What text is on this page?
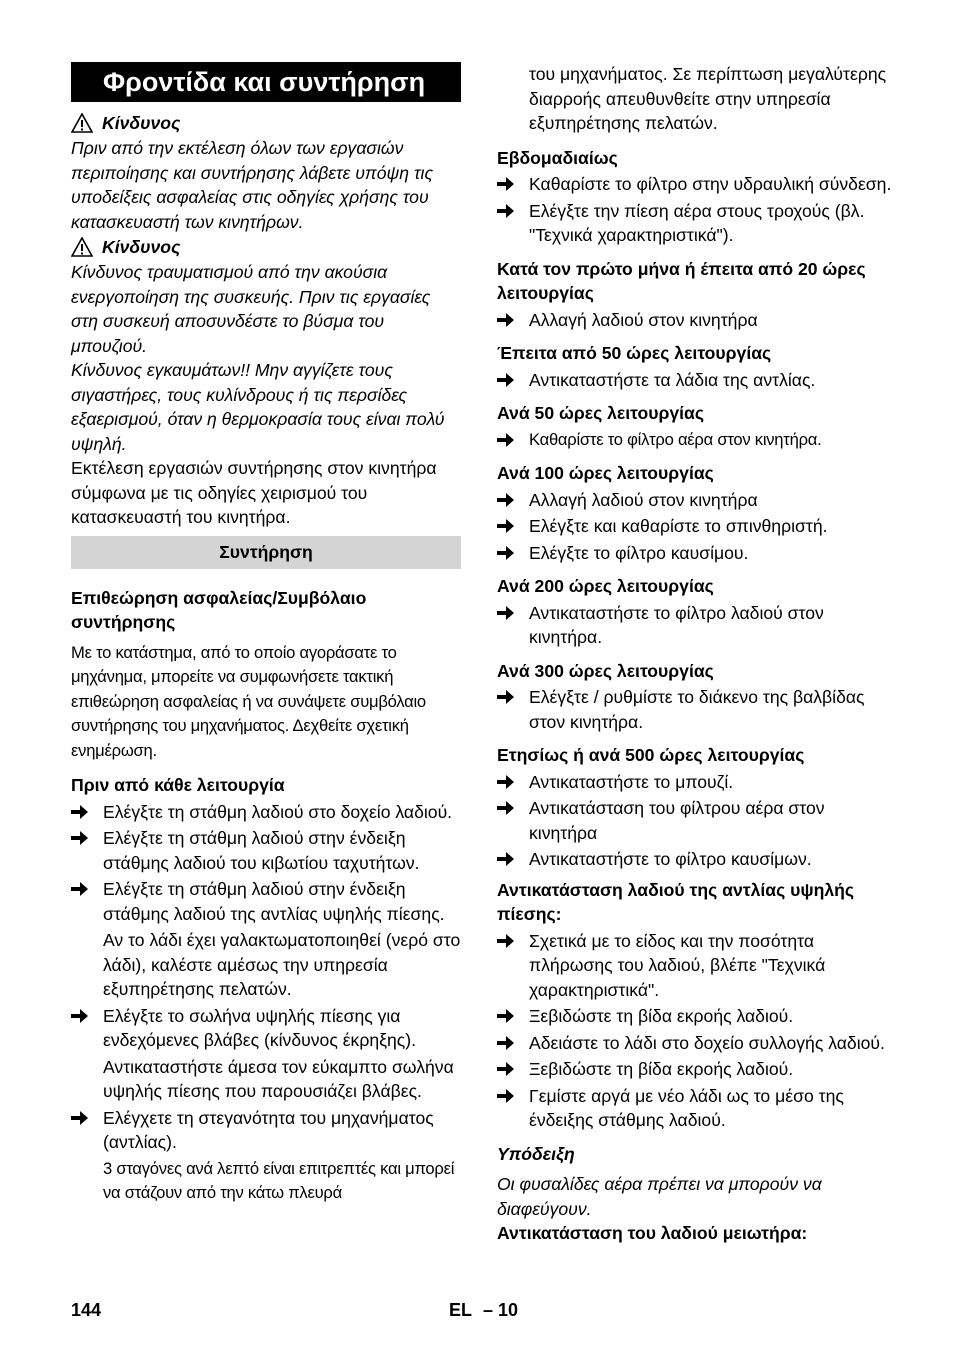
Φροντίδα και συντήρηση
Κίνδυνος

Πριν από την εκτέλεση όλων των εργασιών περιποίησης και συντήρησης λάβετε υπόψη τις υποδείξεις ασφαλείας στις οδηγίες χρήσης του κατασκευαστή των κινητήρων.

Κίνδυνος

Κίνδυνος τραυματισμού από την ακούσια ενεργοποίηση της συσκευής. Πριν τις εργασίες στη συσκευή αποσυνδέστε το βύσμα του μπουζιού.

Κίνδυνος εγκαυμάτων!! Μην αγγίζετε τους σιγαστήρες, τους κυλίνδρους ή τις περσίδες εξαερισμού, όταν η θερμοκρασία τους είναι πολύ υψηλή.

Εκτέλεση εργασιών συντήρησης στον κινητήρα σύμφωνα με τις οδηγίες χειρισμού του κατασκευαστή του κινητήρα.

Συντήρηση

Επιθεώρηση ασφαλείας/Συμβόλαιο συντήρησης

Με το κατάστημα, από το οποίο αγοράσατε το μηχάνημα, μπορείτε να συμφωνήσετε τακτική επιθεώρηση ασφαλείας ή να συνάψετε συμβόλαιο συντήρησης του μηχανήματος. Δεχθείτε σχετική ενημέρωση.

Πριν από κάθε λειτουργία

Ελέγξτε τη στάθμη λαδιού στο δοχείο λαδιού.
Ελέγξτε τη στάθμη λαδιού στην ένδειξη στάθμης λαδιού του κιβωτίου ταχυτήτων.
Ελέγξτε τη στάθμη λαδιού στην ένδειξη στάθμης λαδιού της αντλίας υψηλής πίεσης.

Αν το λάδι έχει γαλακτωματοποιηθεί (νερό στο λάδι), καλέστε αμέσως την υπηρεσία εξυπηρέτησης πελατών.

Ελέγξτε το σωλήνα υψηλής πίεσης για ενδεχόμενες βλάβες (κίνδυνος έκρηξης).

Αντικαταστήστε άμεσα τον εύκαμπτο σωλήνα υψηλής πίεσης που παρουσιάζει βλάβες.

Ελέγχετε τη στεγανότητα του μηχανήματος (αντλίας).

3 σταγόνες ανά λεπτό είναι επιτρεπτές και μπορεί να στάζουν από την κάτω πλευρά

του μηχανήματος. Σε περίπτωση μεγαλύτερης διαρροής απευθυνθείτε στην υπηρεσία εξυπηρέτησης πελατών.

Εβδομαδιαίως

Καθαρίστε το φίλτρο στην υδραυλική σύνδεση.
Ελέγξτε την πίεση αέρα στους τροχούς (βλ. "Τεχνικά χαρακτηριστικά").

Κατά τον πρώτο μήνα ή έπειτα από 20 ώρες λειτουργίας

Αλλαγή λαδιού στον κινητήρα

Έπειτα από 50 ώρες λειτουργίας

Αντικαταστήστε τα λάδια της αντλίας.

Ανά 50 ώρες λειτουργίας

Καθαρίστε το φίλτρο αέρα στον κινητήρα.

Ανά 100 ώρες λειτουργίας

Αλλαγή λαδιού στον κινητήρα
Ελέγξτε και καθαρίστε το σπινθηριστή.
Ελέγξτε το φίλτρο καυσίμου.

Ανά 200 ώρες λειτουργίας

Αντικαταστήστε το φίλτρο λαδιού στον κινητήρα.

Ανά 300 ώρες λειτουργίας

Ελέγξτε / ρυθμίστε το διάκενο της βαλβίδας στον κινητήρα.

Ετησίως ή ανά 500 ώρες λειτουργίας

Αντικαταστήστε το μπουζί.
Αντικατάσταση του φίλτρου αέρα στον κινητήρα
Αντικαταστήστε το φίλτρο καυσίμων.

Αντικατάσταση λαδιού της αντλίας υψηλής πίεσης:

Σχετικά με το είδος και την ποσότητα πλήρωσης του λαδιού, βλέπε "Τεχνικά χαρακτηριστικά".
Ξεβιδώστε τη βίδα εκροής λαδιού.
Αδειάστε το λάδι στο δοχείο συλλογής λαδιού.
Ξεβιδώστε τη βίδα εκροής λαδιού.
Γεμίστε αργά με νέο λάδι ως το μέσο της ένδειξης στάθμης λαδιού.

Υπόδειξη

Οι φυσαλίδες αέρα πρέπει να μπορούν να διαφεύγουν.

Αντικατάσταση του λαδιού μειωτήρα:

144	EL – 10
